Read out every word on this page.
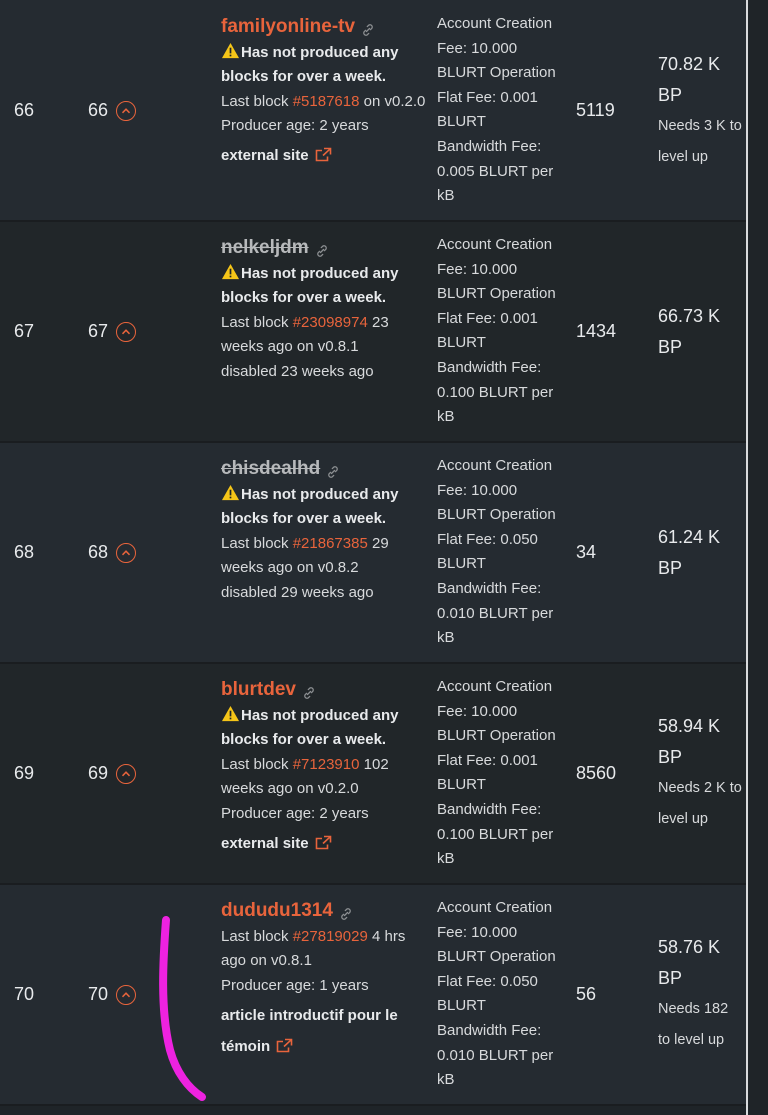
66	66
familyonline-tv
Has not produced any blocks for over a week.
Last block #5187618 on v0.2.0
Producer age: 2 years
external site
Account Creation Fee: 10.000 BLURT Operation Flat Fee: 0.001 BLURT Bandwidth Fee: 0.005 BLURT per kB
5119
70.82 K BP
Needs 3 K to level up
67	67
nelkeljdm
Has not produced any blocks for over a week.
Last block #23098974 23 weeks ago on v0.8.1
disabled 23 weeks ago
Account Creation Fee: 10.000 BLURT Operation Flat Fee: 0.001 BLURT Bandwidth Fee: 0.100 BLURT per kB
1434
66.73 K BP
68	68
chisdealhd
Has not produced any blocks for over a week.
Last block #21867385 29 weeks ago on v0.8.2
disabled 29 weeks ago
Account Creation Fee: 10.000 BLURT Operation Flat Fee: 0.050 BLURT Bandwidth Fee: 0.010 BLURT per kB
34
61.24 K BP
69	69
blurtdev
Has not produced any blocks for over a week.
Last block #7123910 102 weeks ago on v0.2.0
Producer age: 2 years
external site
Account Creation Fee: 10.000 BLURT Operation Flat Fee: 0.001 BLURT Bandwidth Fee: 0.100 BLURT per kB
8560
58.94 K BP
Needs 2 K to level up
70	70
dududu1314
Last block #27819029 4 hrs ago on v0.8.1
Producer age: 1 years
article introductif pour le témoin
Account Creation Fee: 10.000 BLURT Operation Flat Fee: 0.050 BLURT Bandwidth Fee: 0.010 BLURT per kB
56
58.76 K BP
Needs 182 to level up
